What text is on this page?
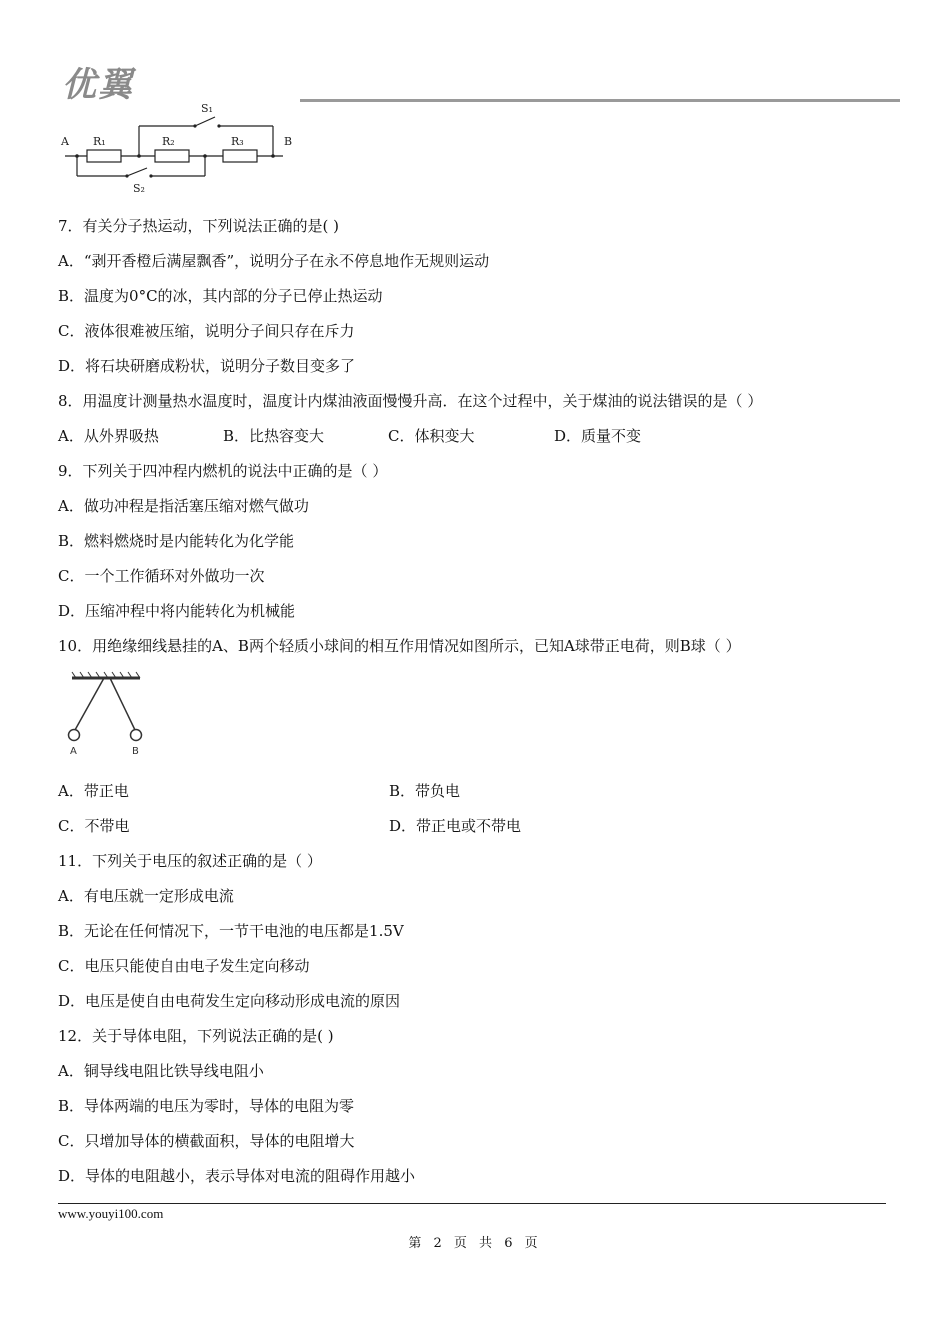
优翼
A	B
R₁	R₂	R₃
S₁
S₂
7．有关分子热运动，下列说法正确的是( )
A．“剥开香橙后满屋飘香”，说明分子在永不停息地作无规则运动
B．温度为0°C的冰，其内部的分子已停止热运动
C．液体很难被压缩，说明分子间只存在斥力
D．将石块研磨成粉状，说明分子数目变多了
8．用温度计测量热水温度时，温度计内煤油液面慢慢升高．在这个过程中，关于煤油的说法错误的是（ ）
A．从外界吸热	B．比热容变大	C．体积变大	D．质量不变
9．下列关于四冲程内燃机的说法中正确的是（ ）
A．做功冲程是指活塞压缩对燃气做功
B．燃料燃烧时是内能转化为化学能
C．一个工作循环对外做功一次
D．压缩冲程中将内能转化为机械能
10．用绝缘细线悬挂的A、B两个轻质小球间的相互作用情况如图所示，已知A球带正电荷，则B球（ ）
A．带正电	B．带负电
C．不带电	D．带正电或不带电
11．下列关于电压的叙述正确的是（ ）
A．有电压就一定形成电流
B．无论在任何情况下，一节干电池的电压都是1.5V
C．电压只能使自由电子发生定向移动
D．电压是使自由电荷发生定向移动形成电流的原因
12．关于导体电阻，下列说法正确的是( )
A．铜导线电阻比铁导线电阻小
B．导体两端的电压为零时，导体的电阻为零
C．只增加导体的横截面积，导体的电阻增大
D．导体的电阻越小，表示导体对电流的阻碍作用越小
A	B
www.youyi100.com
第 2 页 共 6 页
